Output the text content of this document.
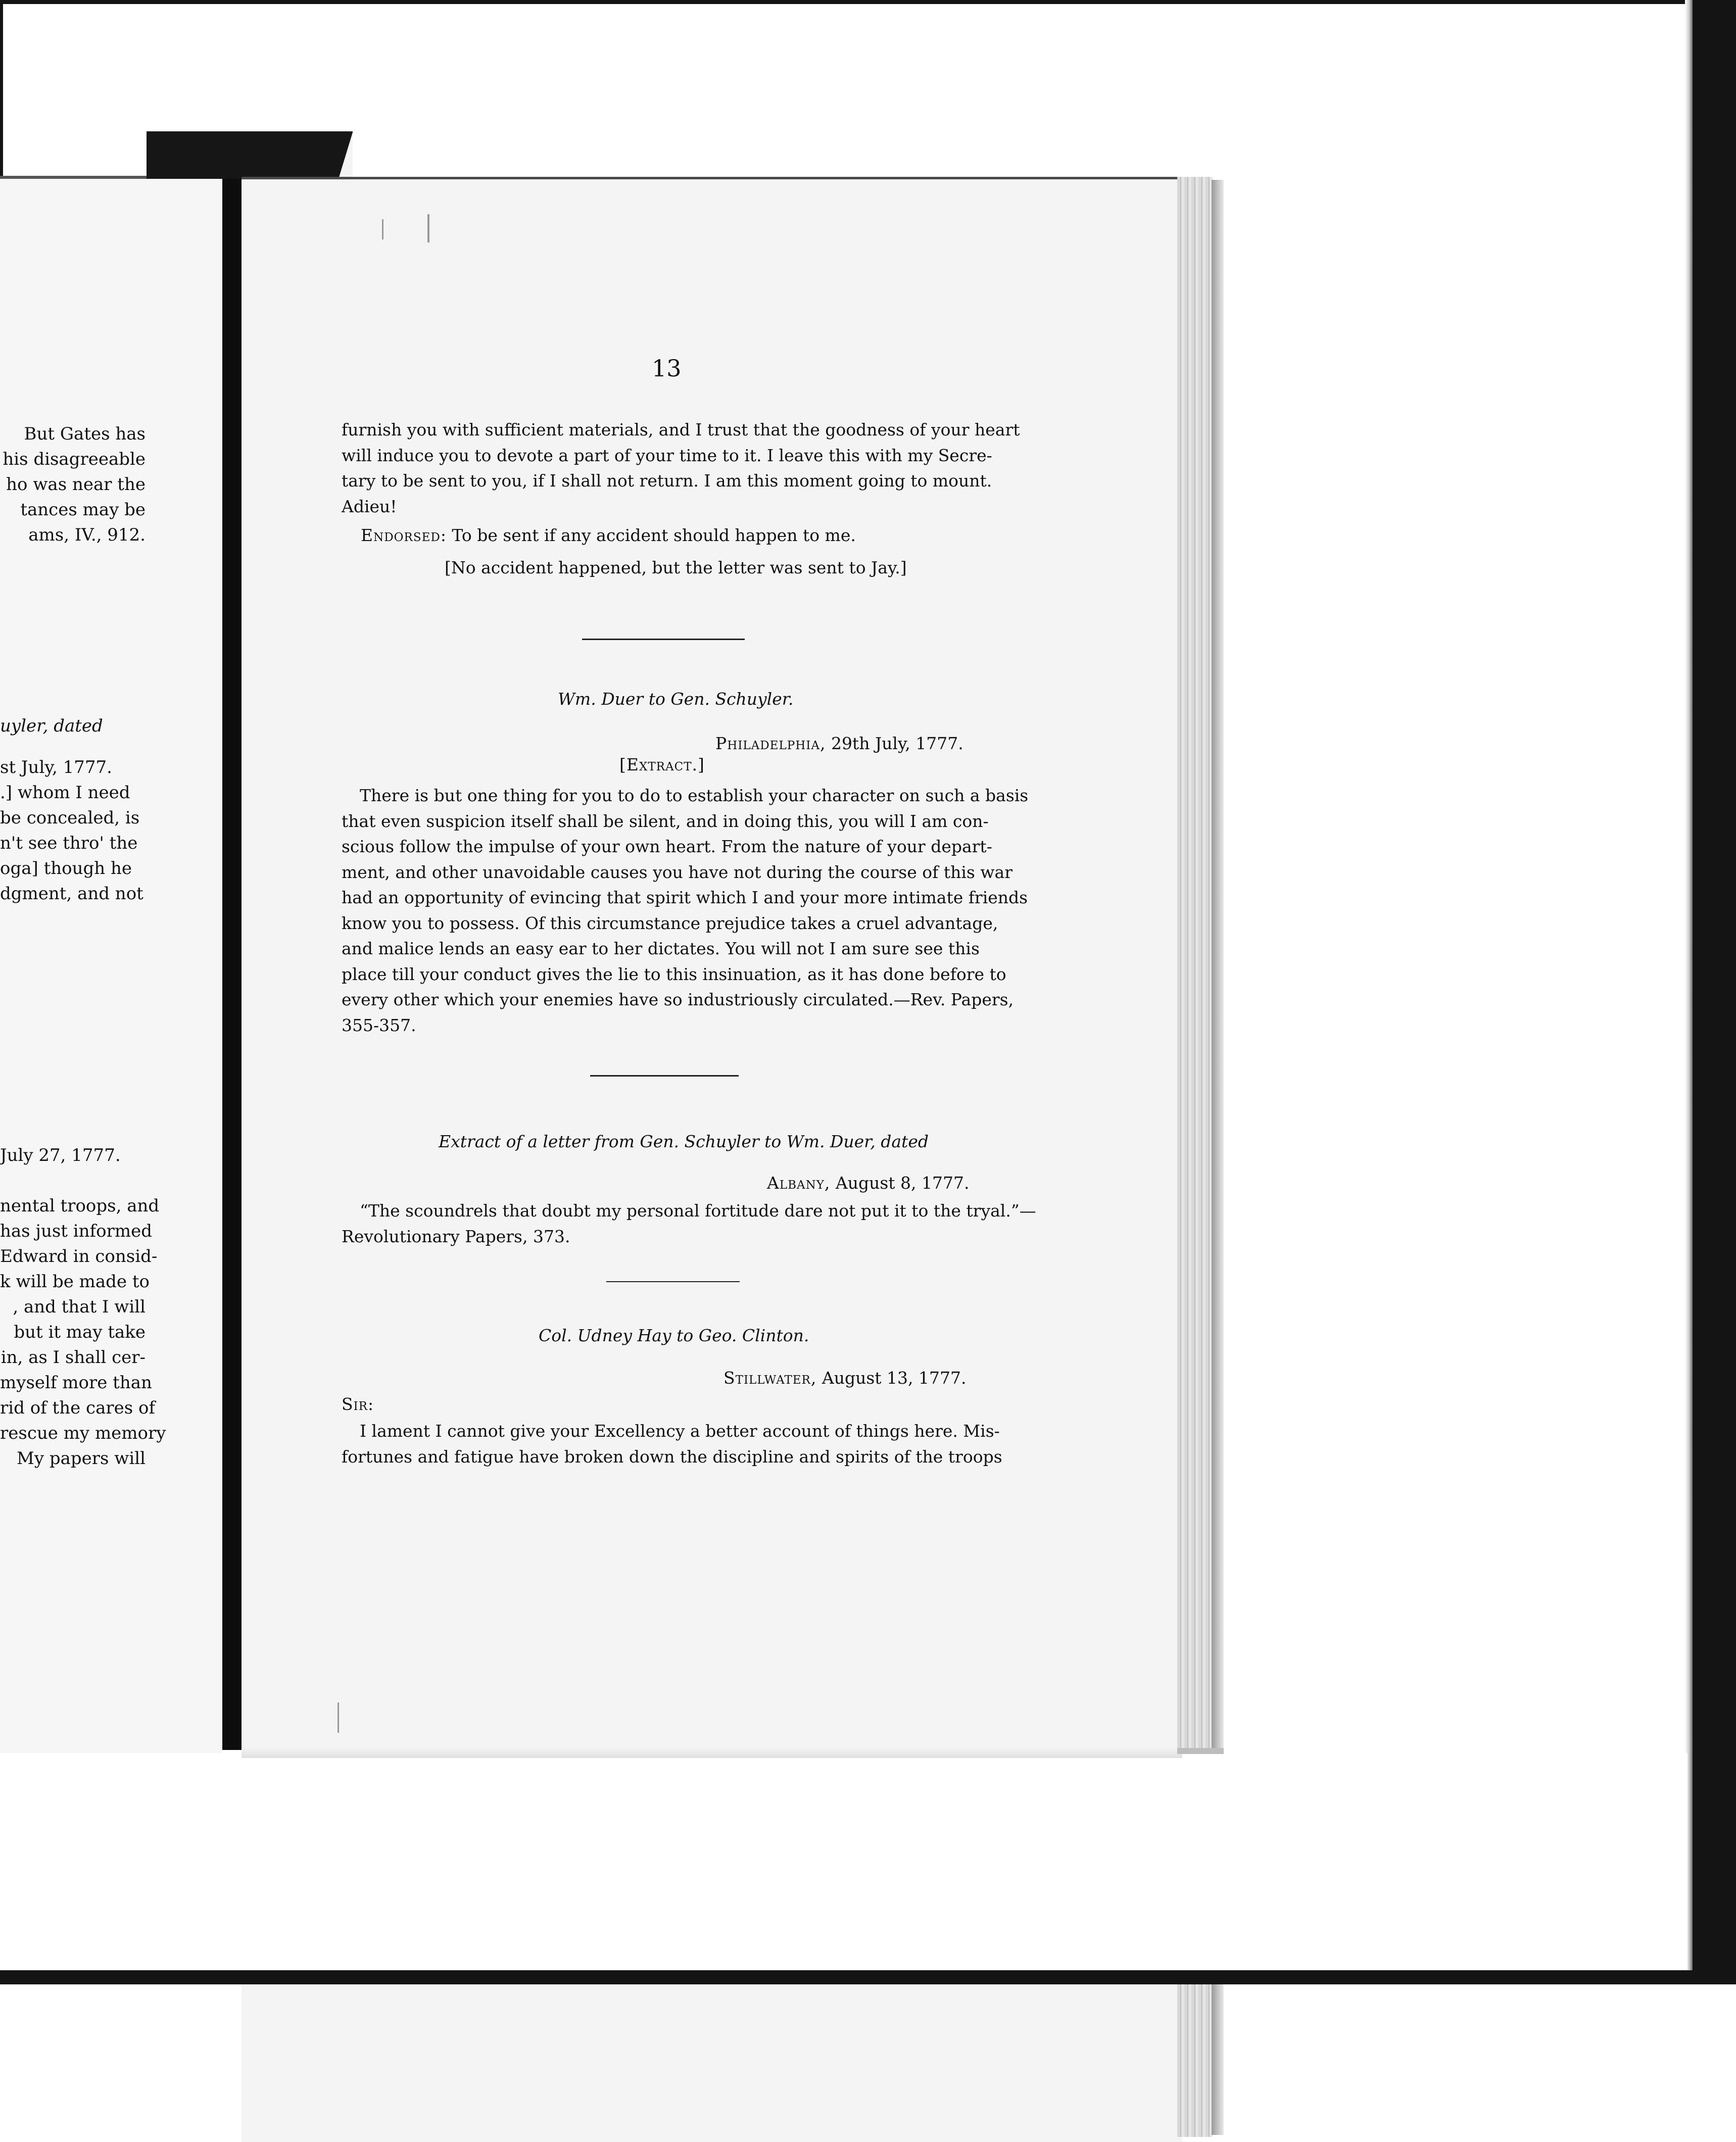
But Gates has
his disagreeable
ho was near the
tances may be
ams, IV., 912.
uyler, dated
st July, 1777.
.] whom I need
be concealed, is
n't see thro' the
oga] though he
dgment, and not
July 27, 1777.
nental troops, and
has just informed
Edward in consid-
k will be made to
, and that I will
but it may take
in, as I shall cer-
myself more than
rid of the cares of
rescue my memory
My papers will
13
furnish you with sufficient materials, and I trust that the goodness of your heart
will induce you to devote a part of your time to it. I leave this with my Secre-
tary to be sent to you, if I shall not return. I am this moment going to mount.
Adieu!
Endorsed: To be sent if any accident should happen to me.
[No accident happened, but the letter was sent to Jay.]
Wm. Duer to Gen. Schuyler.
Philadelphia, 29th July, 1777.
[Extract.]
There is but one thing for you to do to establish your character on such a basis
that even suspicion itself shall be silent, and in doing this, you will I am con-
scious follow the impulse of your own heart. From the nature of your depart-
ment, and other unavoidable causes you have not during the course of this war
had an opportunity of evincing that spirit which I and your more intimate friends
know you to possess. Of this circumstance prejudice takes a cruel advantage,
and malice lends an easy ear to her dictates. You will not I am sure see this
place till your conduct gives the lie to this insinuation, as it has done before to
every other which your enemies have so industriously circulated.—Rev. Papers,
355-357.
Extract of a letter from Gen. Schuyler to Wm. Duer, dated
Albany, August 8, 1777.
“The scoundrels that doubt my personal fortitude dare not put it to the tryal.”—
Revolutionary Papers, 373.
Col. Udney Hay to Geo. Clinton.
Stillwater, August 13, 1777.
Sir:
I lament I cannot give your Excellency a better account of things here. Mis-
fortunes and fatigue have broken down the discipline and spirits of the troops
